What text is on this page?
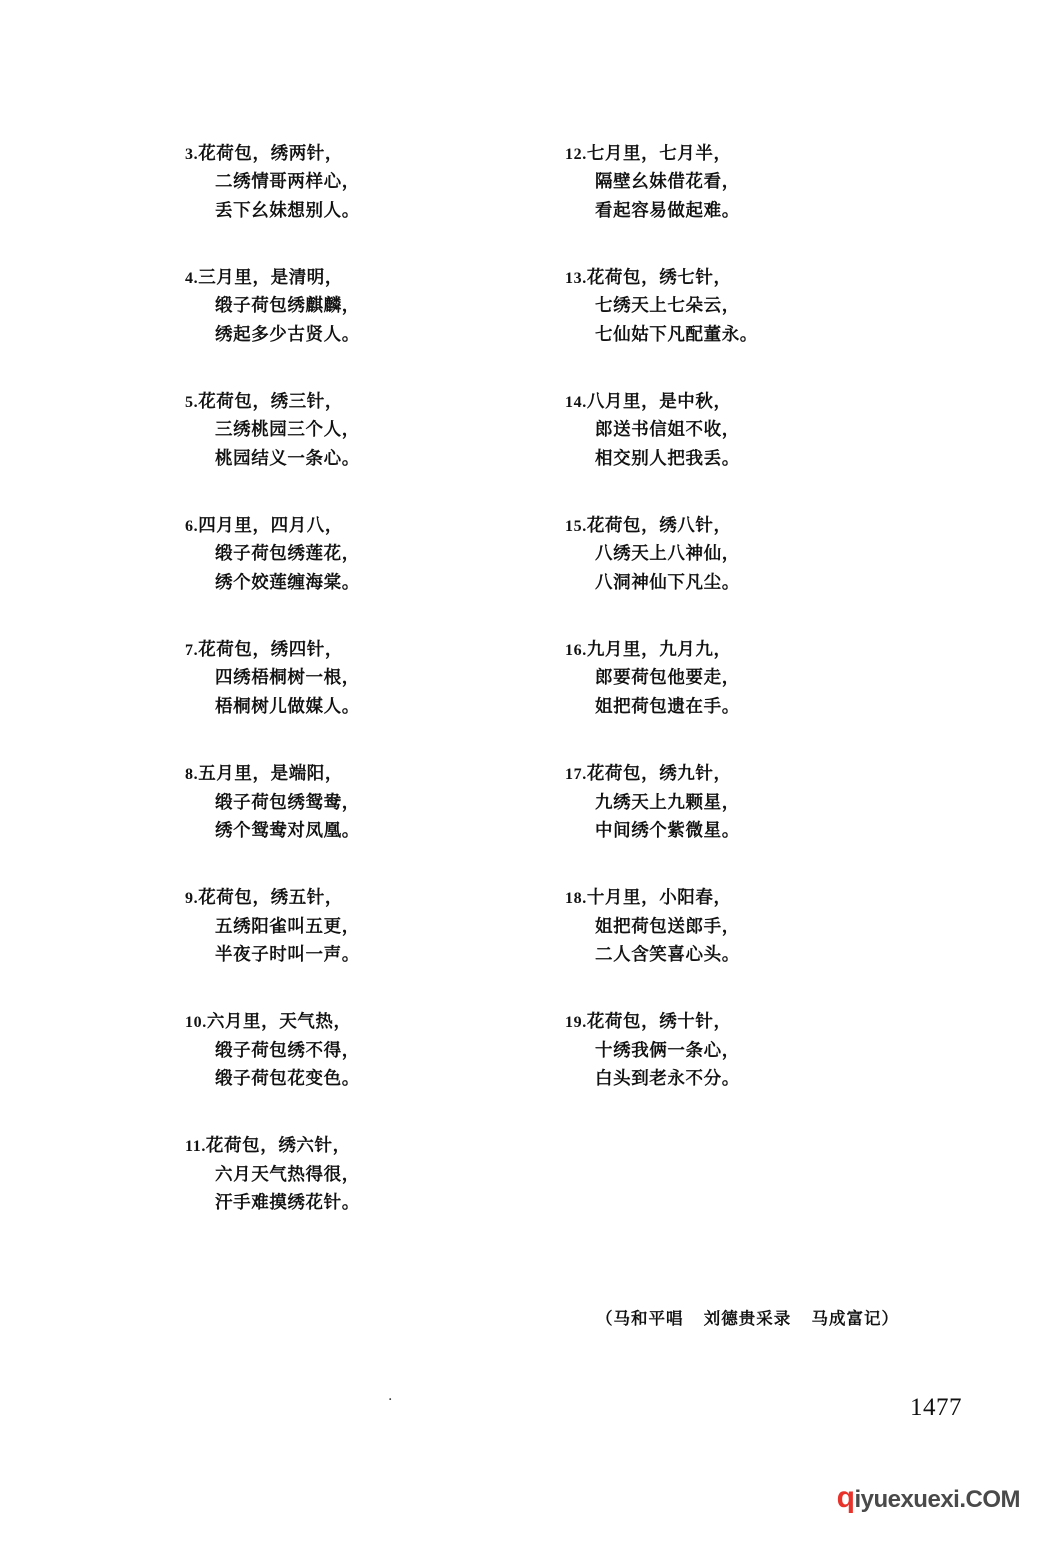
3.花荷包，绣两针，
二绣情哥两样心，
丢下幺妹想别人。
4.三月里，是清明，
缎子荷包绣麒麟，
绣起多少古贤人。
5.花荷包，绣三针，
三绣桃园三个人，
桃园结义一条心。
6.四月里，四月八，
缎子荷包绣莲花，
绣个姣莲缠海棠。
7.花荷包，绣四针，
四绣梧桐树一根，
梧桐树儿做媒人。
8.五月里，是端阳，
缎子荷包绣鸳鸯，
绣个鸳鸯对凤凰。
9.花荷包，绣五针，
五绣阳雀叫五更，
半夜子时叫一声。
10.六月里，天气热，
缎子荷包绣不得，
缎子荷包花变色。
11.花荷包，绣六针，
六月天气热得很，
汗手难摸绣花针。
12.七月里，七月半，
隔壁幺妹借花看，
看起容易做起难。
13.花荷包，绣七针，
七绣天上七朵云，
七仙姑下凡配董永。
14.八月里，是中秋，
郎送书信姐不收，
相交别人把我丢。
15.花荷包，绣八针，
八绣天上八神仙，
八洞神仙下凡尘。
16.九月里，九月九，
郎要荷包他要走，
姐把荷包遗在手。
17.花荷包，绣九针，
九绣天上九颗星，
中间绣个紫微星。
18.十月里，小阳春，
姐把荷包送郎手，
二人含笑喜心头。
19.花荷包，绣十针，
十绣我俩一条心，
白头到老永不分。
（马和平唱   刘德贵采录   马成富记）
·	1477

qiyuexuexi.COM
